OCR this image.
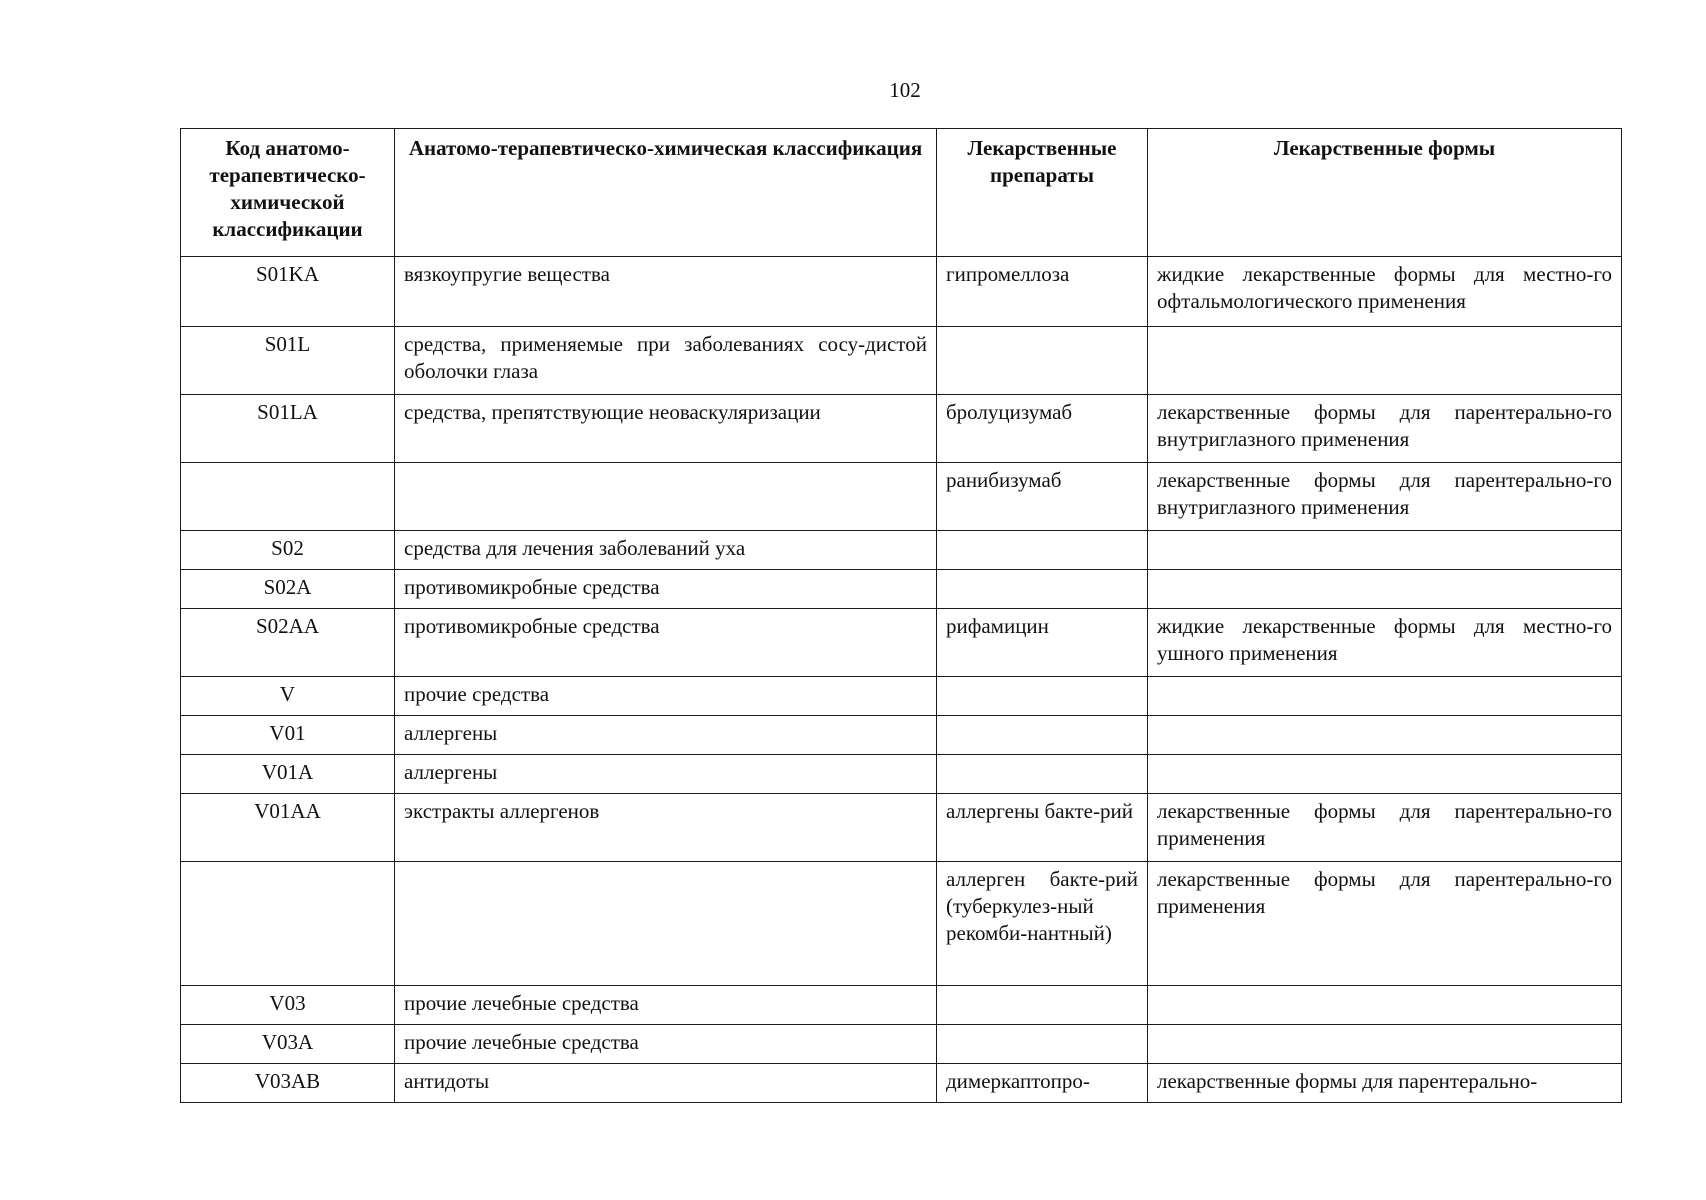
102
Код анатомо-терапевтическо-химической классификации	Анатомо-терапевтическо-химическая классификация	Лекарственные препараты	Лекарственные формы
S01KA	вязкоупругие вещества	гипромеллоза	жидкие лекарственные формы для местно-го офтальмологического применения
S01L	средства, применяемые при заболеваниях сосу-дистой оболочки глаза		
S01LA	средства, препятствующие неоваскуляризации	бролуцизумаб	лекарственные формы для парентерально-го внутриглазного применения
		ранибизумаб	лекарственные формы для парентерально-го внутриглазного применения
S02	средства для лечения заболеваний уха		
S02A	противомикробные средства		
S02AA	противомикробные средства	рифамицин	жидкие лекарственные формы для местно-го ушного применения
V	прочие средства		
V01	аллергены		
V01A	аллергены		
V01AA	экстракты аллергенов	аллергены бакте-рий	лекарственные формы для парентерально-го применения
		аллерген бакте-рий (туберкулез-ный рекомби-нантный)	лекарственные формы для парентерально-го применения
V03	прочие лечебные средства		
V03A	прочие лечебные средства		
V03AB	антидоты	димеркаптопро-	лекарственные формы для парентерально-
